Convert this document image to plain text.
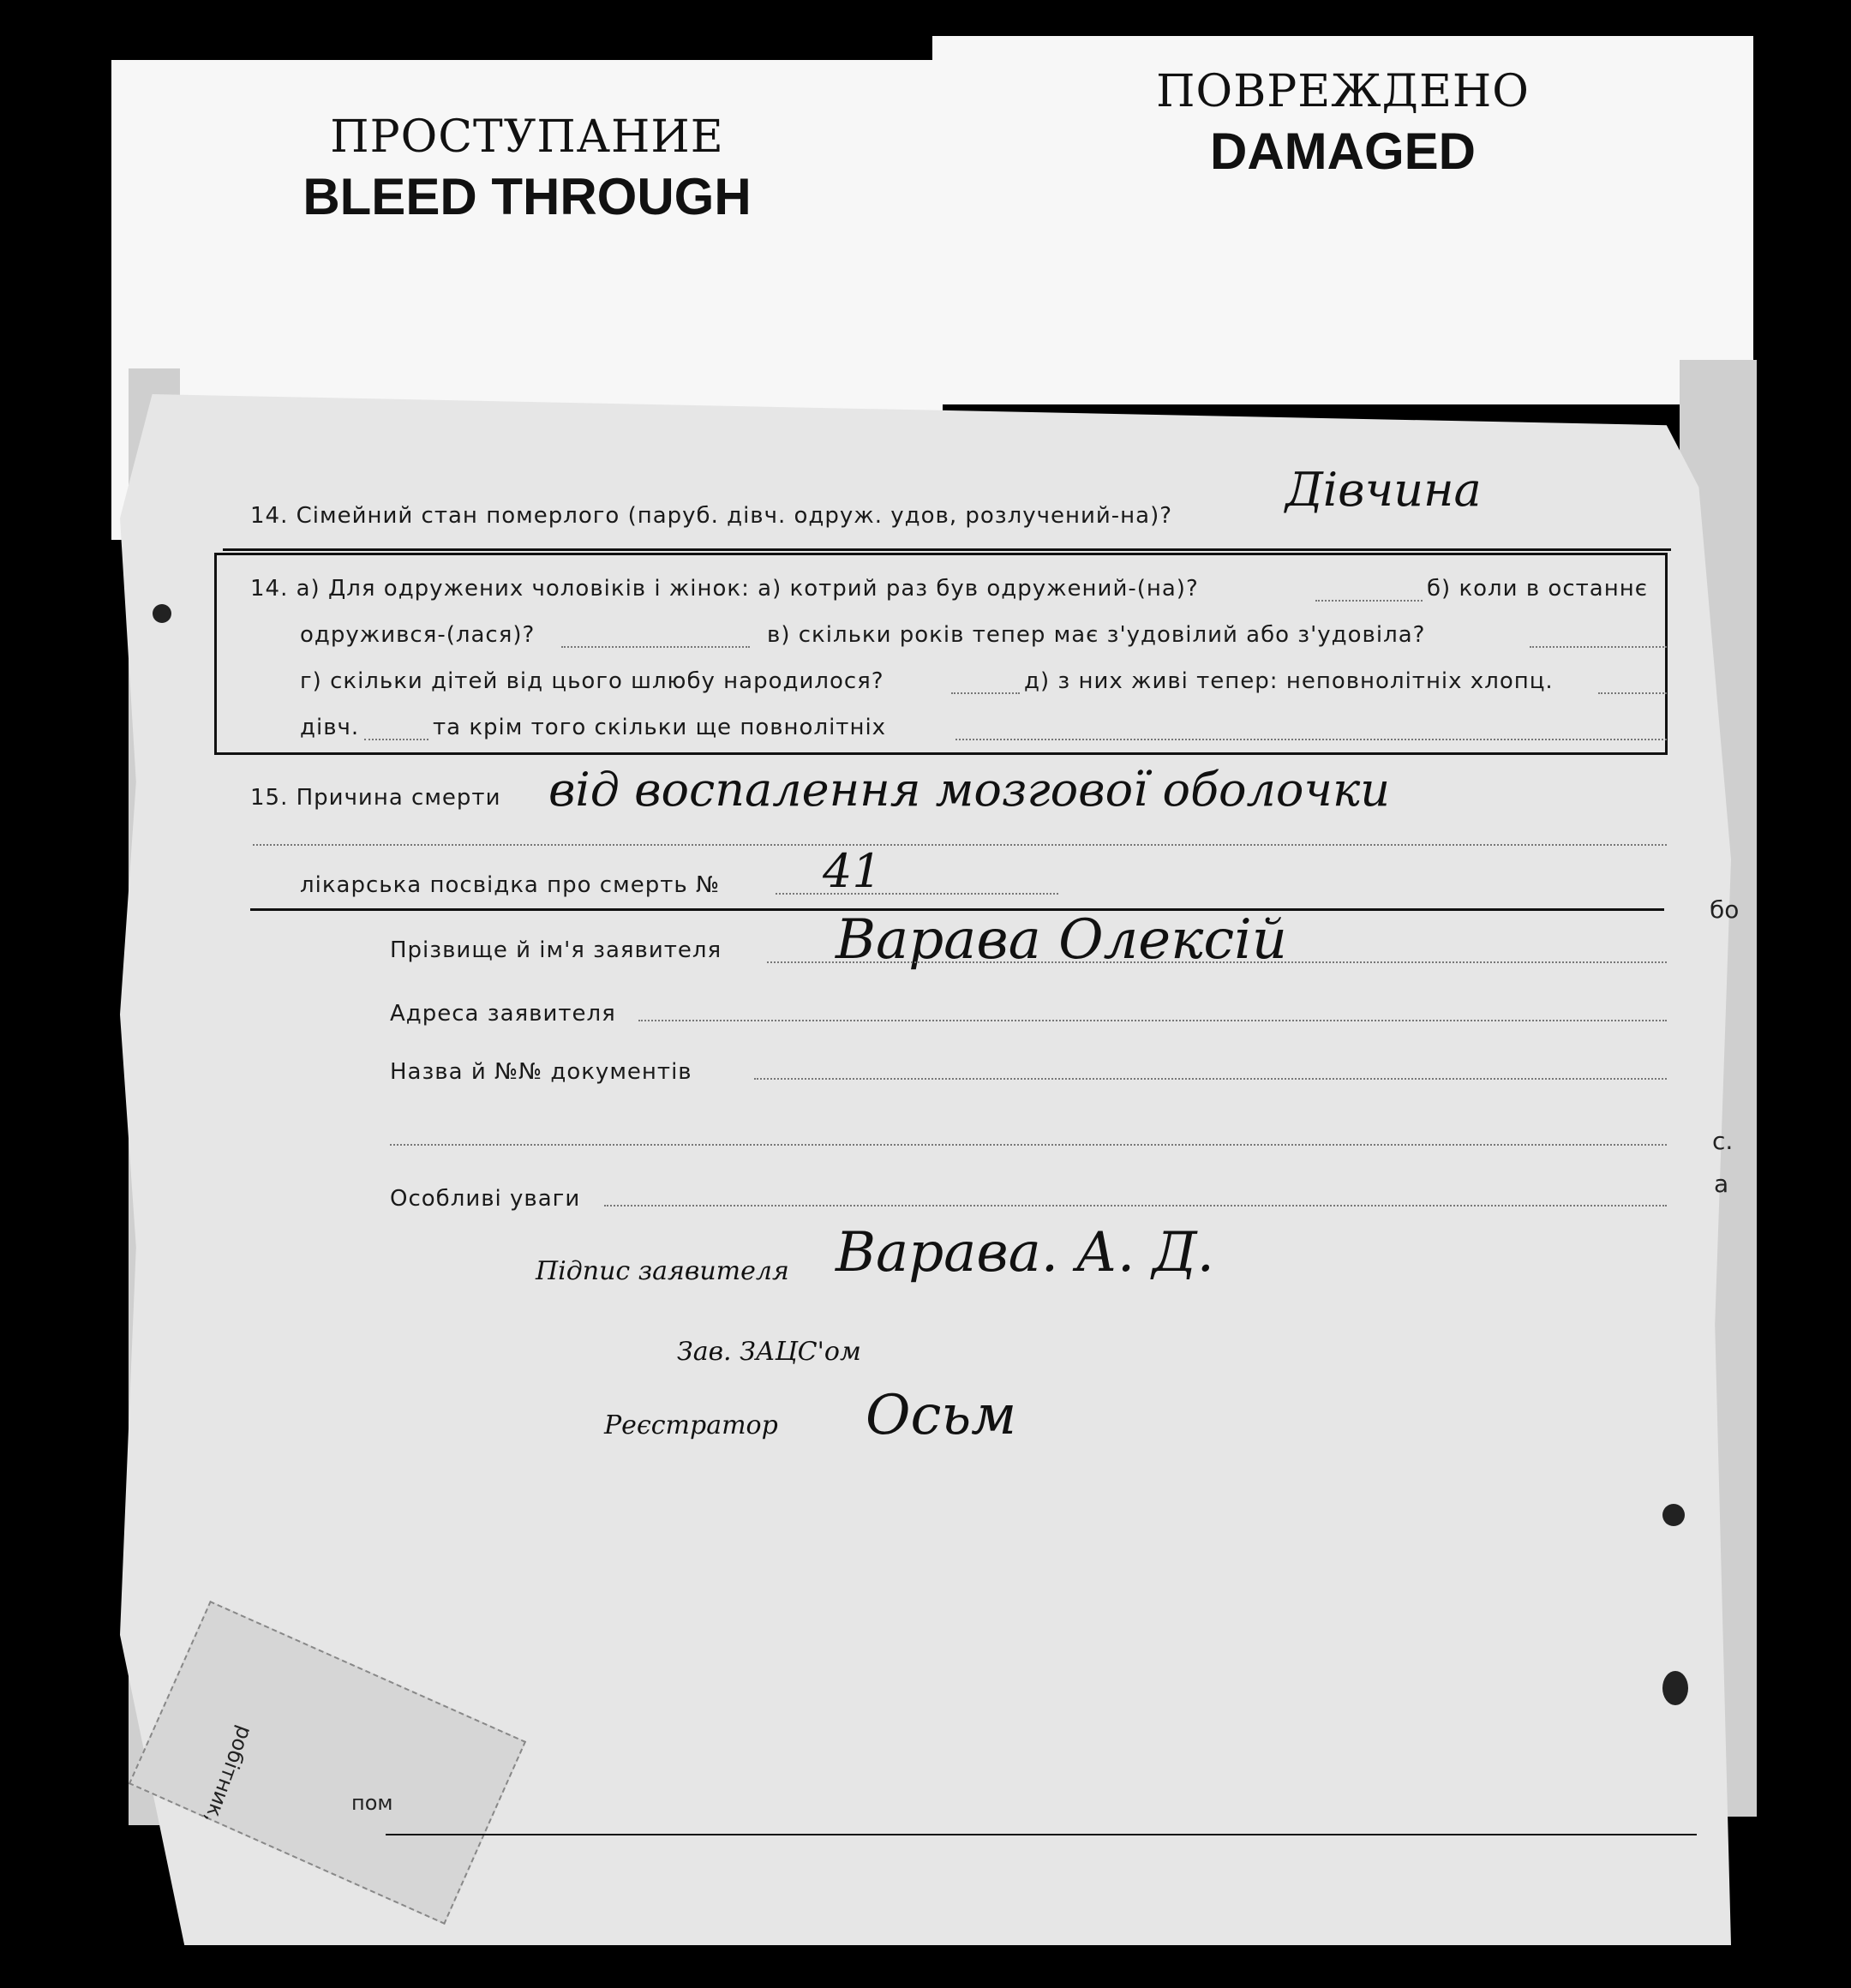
ПРОСТУПАНИЕ
BLEED THROUGH
ПОВРЕЖДЕНО
DAMAGED
бо
с.
а
робітник,	пом
14. Сімейний стан померлого (паруб. дівч. одруж. удов, розлучений-на)? Дівчина
14. а) Для одружених чоловіків і жінок: а) котрий раз був одружений-(на)?	б) коли в останнє
одружився-(лася)?	в) скільки років тепер має з'удовілий або з'удовіла?
г) скільки дітей від цього шлюбу народилося?	д) з них живі тепер: неповнолітніх хлопц.
дівч.	та крім того скільки ще повнолітніх
15. Причина смерти від воспалення мозгової оболочки
лікарська посвідка про смерть № 41
Прізвище й ім'я заявителя Варава Олексій
Адреса заявителя
Назва й №№ документів
Особливі уваги
Підпис заявителя Варава. А. Д.
Зав. ЗАЦС'ом
Реєстратор Осьм
